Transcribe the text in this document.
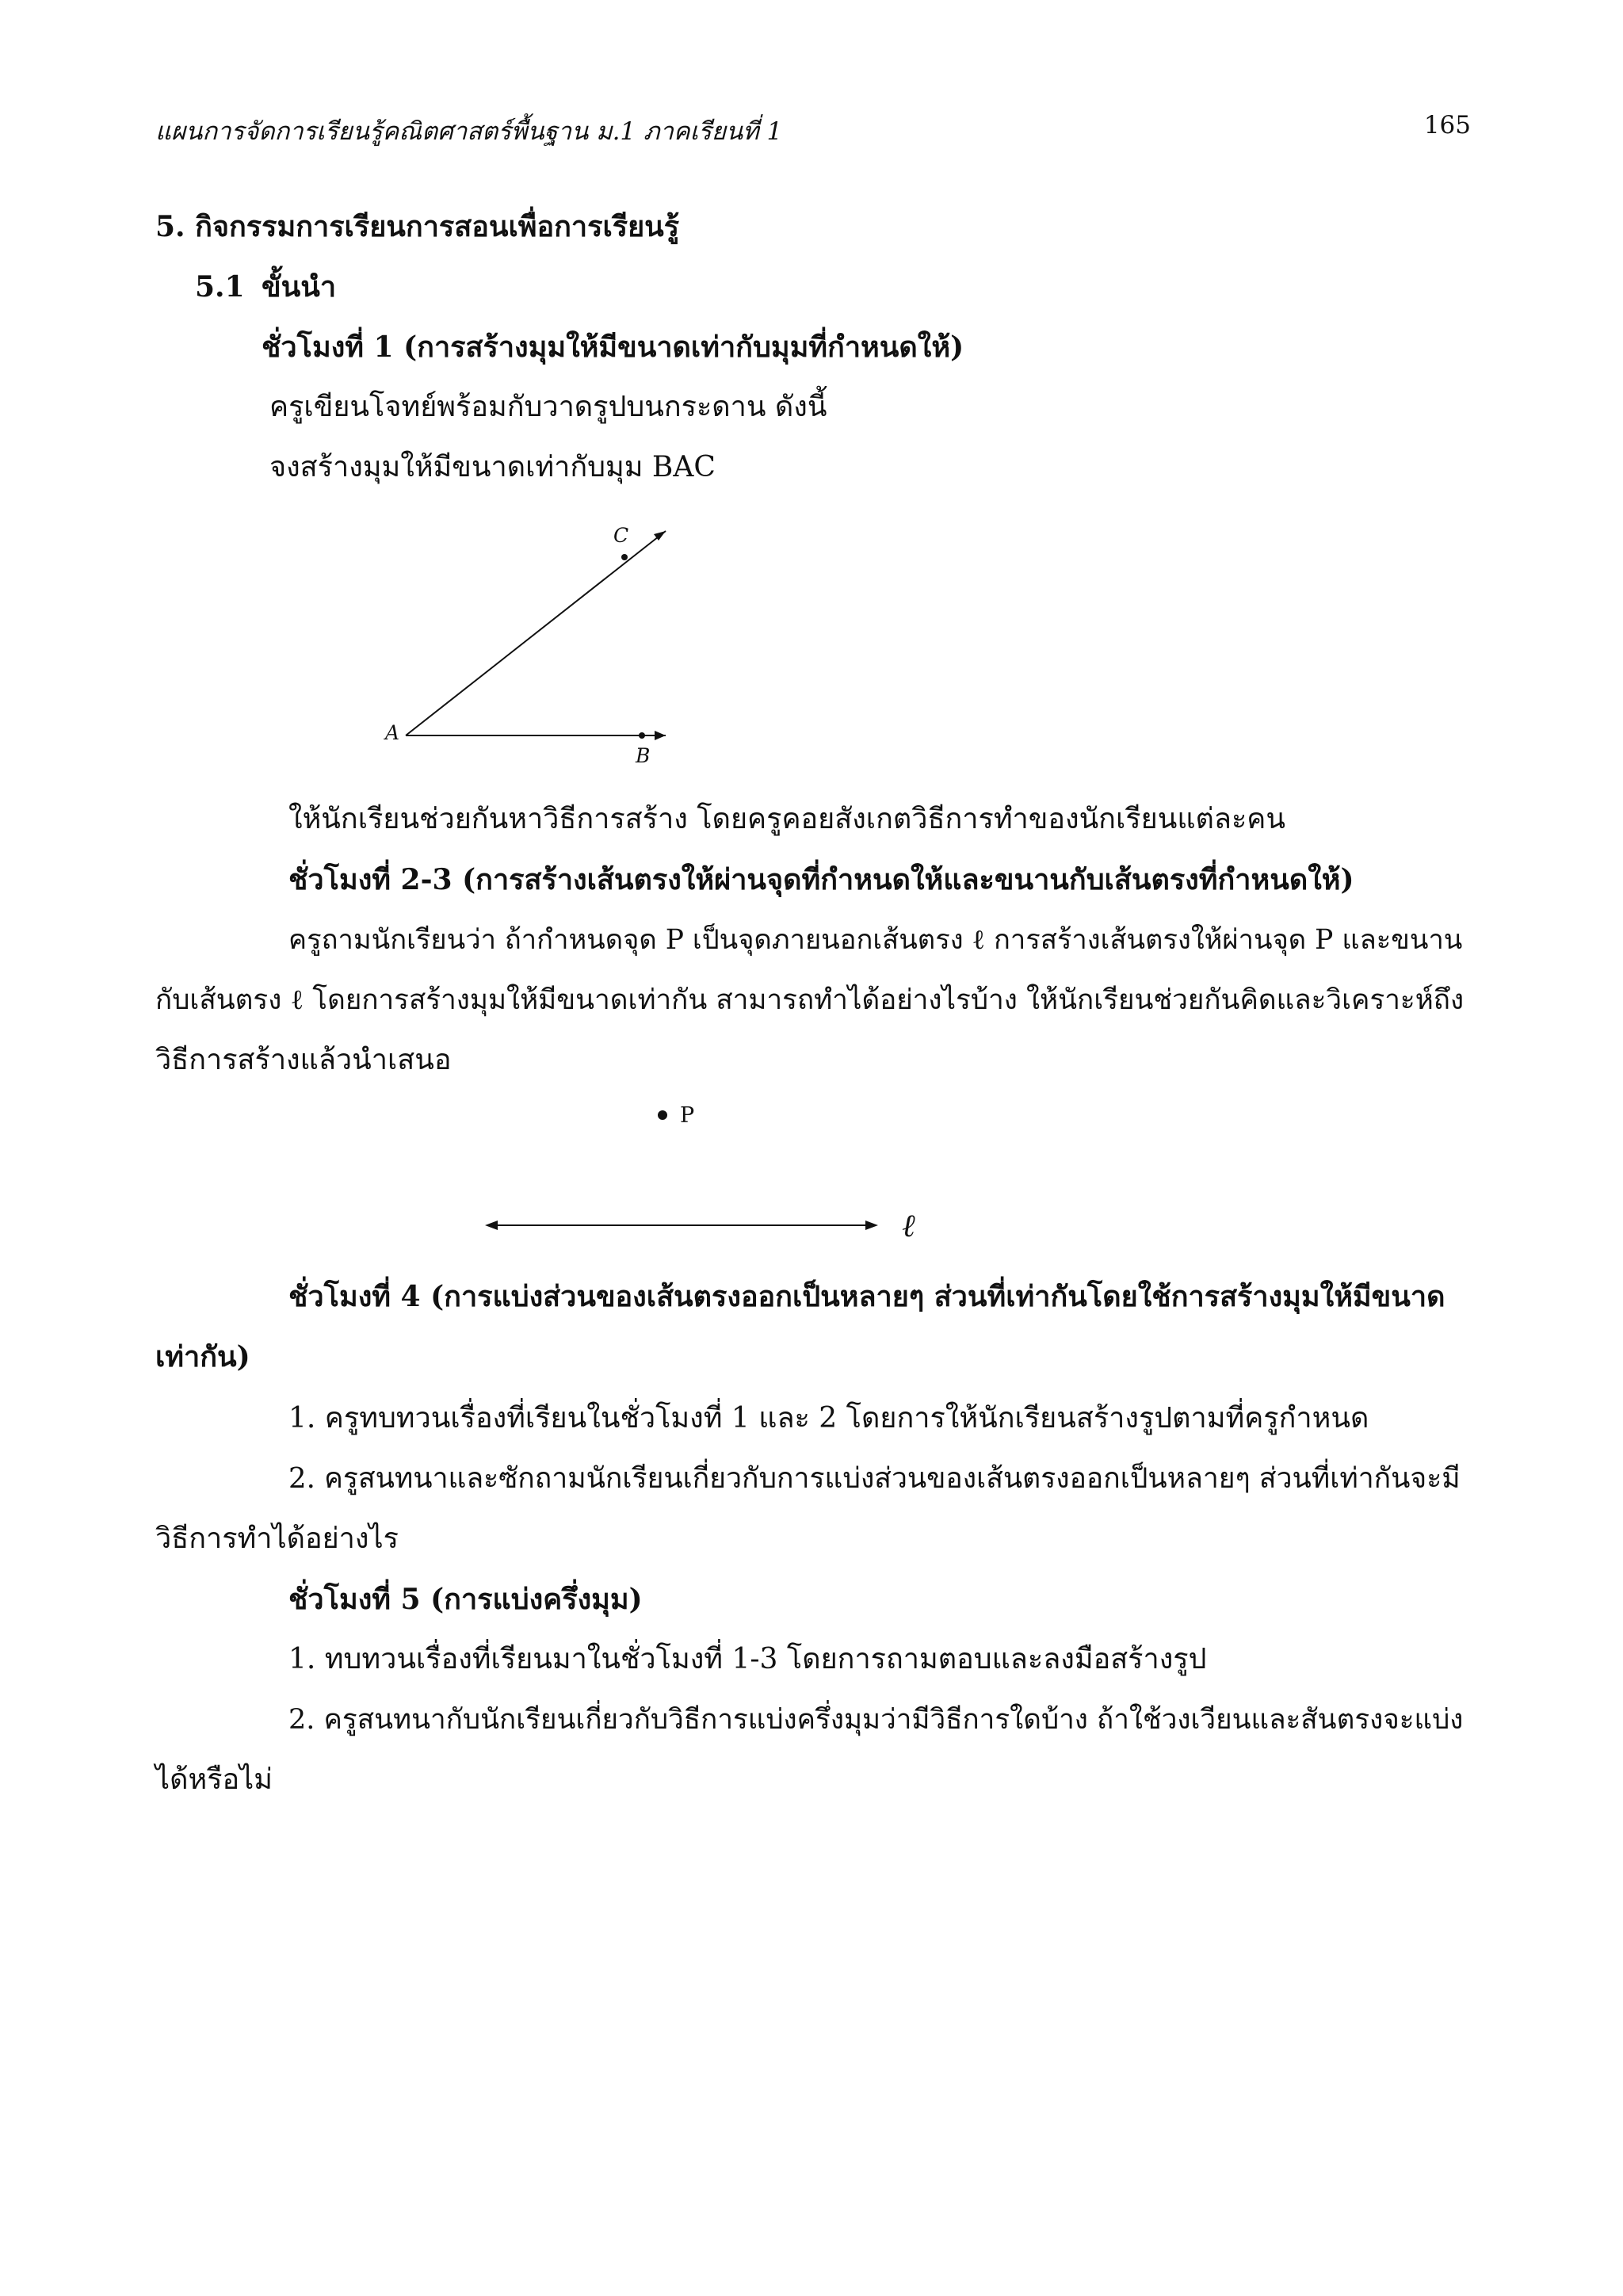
แผนการจัดการเรียนรู้คณิตศาสตร์พื้นฐาน ม.1 ภาคเรียนที่ 1	165
5. กิจกรรมการเรียนการสอนเพื่อการเรียนรู้
5.1 ขั้นนำ
ชั่วโมงที่ 1 (การสร้างมุมให้มีขนาดเท่ากับมุมที่กำหนดให้)
ครูเขียนโจทย์พร้อมกับวาดรูปบนกระดาน ดังนี้
จงสร้างมุมให้มีขนาดเท่ากับมุม BAC
A
B
C
ให้นักเรียนช่วยกันหาวิธีการสร้าง โดยครูคอยสังเกตวิธีการทำของนักเรียนแต่ละคน
ชั่วโมงที่ 2-3 (การสร้างเส้นตรงให้ผ่านจุดที่กำหนดให้และขนานกับเส้นตรงที่กำหนดให้)
ครูถามนักเรียนว่า ถ้ากำหนดจุด P เป็นจุดภายนอกเส้นตรง ℓ การสร้างเส้นตรงให้ผ่านจุด P และขนาน
กับเส้นตรง ℓ โดยการสร้างมุมให้มีขนาดเท่ากัน สามารถทำได้อย่างไรบ้าง ให้นักเรียนช่วยกันคิดและวิเคราะห์ถึง
วิธีการสร้างแล้วนำเสนอ
P
ℓ
ชั่วโมงที่ 4 (การแบ่งส่วนของเส้นตรงออกเป็นหลายๆ ส่วนที่เท่ากันโดยใช้การสร้างมุมให้มีขนาด
เท่ากัน)
1. ครูทบทวนเรื่องที่เรียนในชั่วโมงที่ 1 และ 2 โดยการให้นักเรียนสร้างรูปตามที่ครูกำหนด
2. ครูสนทนาและซักถามนักเรียนเกี่ยวกับการแบ่งส่วนของเส้นตรงออกเป็นหลายๆ ส่วนที่เท่ากันจะมี
วิธีการทำได้อย่างไร
ชั่วโมงที่ 5 (การแบ่งครึ่งมุม)
1. ทบทวนเรื่องที่เรียนมาในชั่วโมงที่ 1-3 โดยการถามตอบและลงมือสร้างรูป
2. ครูสนทนากับนักเรียนเกี่ยวกับวิธีการแบ่งครึ่งมุมว่ามีวิธีการใดบ้าง ถ้าใช้วงเวียนและสันตรงจะแบ่ง
ได้หรือไม่
